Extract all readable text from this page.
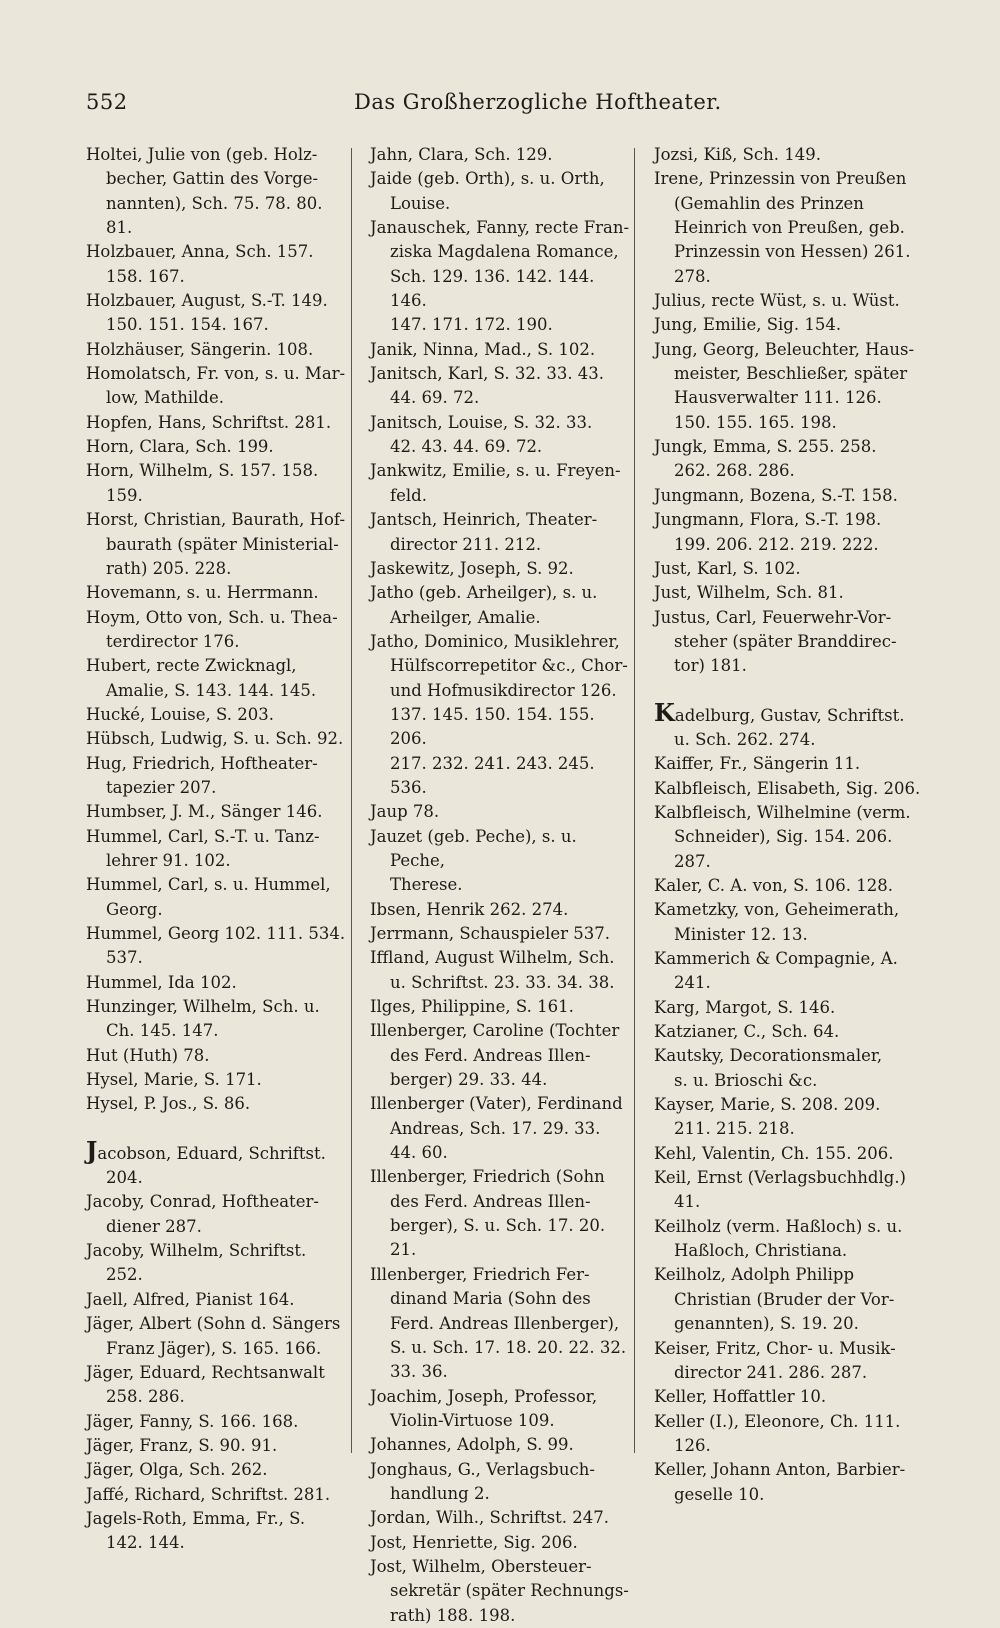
552	Das Großherzogliche Hoftheater.
Holtei, Julie von (geb. Holz-
becher, Gattin des Vorge-
nannten), Sch. 75. 78. 80. 81.
Holzbauer, Anna, Sch. 157.
158. 167.
Holzbauer, August, S.-T. 149.
150. 151. 154. 167.
Holzhäuser, Sängerin. 108.
Homolatsch, Fr. von, s. u. Mar-
low, Mathilde.
Hopfen, Hans, Schriftst. 281.
Horn, Clara, Sch. 199.
Horn, Wilhelm, S. 157. 158. 159.
Horst, Christian, Baurath, Hof-
baurath (später Ministerial-
rath) 205. 228.
Hovemann, s. u. Herrmann.
Hoym, Otto von, Sch. u. Thea-
terdirector 176.
Hubert, recte Zwicknagl,
Amalie, S. 143. 144. 145.
Hucké, Louise, S. 203.
Hübsch, Ludwig, S. u. Sch. 92.
Hug, Friedrich, Hoftheater-
tapezier 207.
Humbser, J. M., Sänger 146.
Hummel, Carl, S.-T. u. Tanz-
lehrer 91. 102.
Hummel, Carl, s. u. Hummel,
Georg.
Hummel, Georg 102. 111. 534.
537.
Hummel, Ida 102.
Hunzinger, Wilhelm, Sch. u.
Ch. 145. 147.
Hut (Huth) 78.
Hysel, Marie, S. 171.
Hysel, P. Jos., S. 86.
Jacobson, Eduard, Schriftst.
204.
Jacoby, Conrad, Hoftheater-
diener 287.
Jacoby, Wilhelm, Schriftst. 252.
Jaell, Alfred, Pianist 164.
Jäger, Albert (Sohn d. Sängers
Franz Jäger), S. 165. 166.
Jäger, Eduard, Rechtsanwalt
258. 286.
Jäger, Fanny, S. 166. 168.
Jäger, Franz, S. 90. 91.
Jäger, Olga, Sch. 262.
Jaffé, Richard, Schriftst. 281.
Jagels-Roth, Emma, Fr., S.
142. 144.
Jahn, Clara, Sch. 129.
Jaide (geb. Orth), s. u. Orth,
Louise.
Janauschek, Fanny, recte Fran-
ziska Magdalena Romance,
Sch. 129. 136. 142. 144. 146.
147. 171. 172. 190.
Janik, Ninna, Mad., S. 102.
Janitsch, Karl, S. 32. 33. 43.
44. 69. 72.
Janitsch, Louise, S. 32. 33.
42. 43. 44. 69. 72.
Jankwitz, Emilie, s. u. Freyen-
feld.
Jantsch, Heinrich, Theater-
director 211. 212.
Jaskewitz, Joseph, S. 92.
Jatho (geb. Arheilger), s. u.
Arheilger, Amalie.
Jatho, Dominico, Musiklehrer,
Hülfscorrepetitor &c., Chor-
und Hofmusikdirector 126.
137. 145. 150. 154. 155. 206.
217. 232. 241. 243. 245. 536.
Jaup 78.
Jauzet (geb. Peche), s. u. Peche,
Therese.
Ibsen, Henrik 262. 274.
Jerrmann, Schauspieler 537.
Iffland, August Wilhelm, Sch.
u. Schriftst. 23. 33. 34. 38.
Ilges, Philippine, S. 161.
Illenberger, Caroline (Tochter
des Ferd. Andreas Illen-
berger) 29. 33. 44.
Illenberger (Vater), Ferdinand
Andreas, Sch. 17. 29. 33.
44. 60.
Illenberger, Friedrich (Sohn
des Ferd. Andreas Illen-
berger), S. u. Sch. 17. 20. 21.
Illenberger, Friedrich Fer-
dinand Maria (Sohn des
Ferd. Andreas Illenberger),
S. u. Sch. 17. 18. 20. 22. 32.
33. 36.
Joachim, Joseph, Professor,
Violin-Virtuose 109.
Johannes, Adolph, S. 99.
Jonghaus, G., Verlagsbuch-
handlung 2.
Jordan, Wilh., Schriftst. 247.
Jost, Henriette, Sig. 206.
Jost, Wilhelm, Obersteuer-
sekretär (später Rechnungs-
rath) 188. 198.
Jozsi, Kiß, Sch. 149.
Irene, Prinzessin von Preußen
(Gemahlin des Prinzen
Heinrich von Preußen, geb.
Prinzessin von Hessen) 261.
278.
Julius, recte Wüst, s. u. Wüst.
Jung, Emilie, Sig. 154.
Jung, Georg, Beleuchter, Haus-
meister, Beschließer, später
Hausverwalter 111. 126.
150. 155. 165. 198.
Jungk, Emma, S. 255. 258.
262. 268. 286.
Jungmann, Bozena, S.-T. 158.
Jungmann, Flora, S.-T. 198.
199. 206. 212. 219. 222.
Just, Karl, S. 102.
Just, Wilhelm, Sch. 81.
Justus, Carl, Feuerwehr-Vor-
steher (später Branddirec-
tor) 181.
Kadelburg, Gustav, Schriftst.
u. Sch. 262. 274.
Kaiffer, Fr., Sängerin 11.
Kalbfleisch, Elisabeth, Sig. 206.
Kalbfleisch, Wilhelmine (verm.
Schneider), Sig. 154. 206. 287.
Kaler, C. A. von, S. 106. 128.
Kametzky, von, Geheimerath,
Minister 12. 13.
Kammerich & Compagnie, A.
241.
Karg, Margot, S. 146.
Katzianer, C., Sch. 64.
Kautsky, Decorationsmaler,
s. u. Brioschi &c.
Kayser, Marie, S. 208. 209.
211. 215. 218.
Kehl, Valentin, Ch. 155. 206.
Keil, Ernst (Verlagsbuchhdlg.)
41.
Keilholz (verm. Haßloch) s. u.
Haßloch, Christiana.
Keilholz, Adolph Philipp
Christian (Bruder der Vor-
genannten), S. 19. 20.
Keiser, Fritz, Chor- u. Musik-
director 241. 286. 287.
Keller, Hoffattler 10.
Keller (I.), Eleonore, Ch. 111.
126.
Keller, Johann Anton, Barbier-
geselle 10.
